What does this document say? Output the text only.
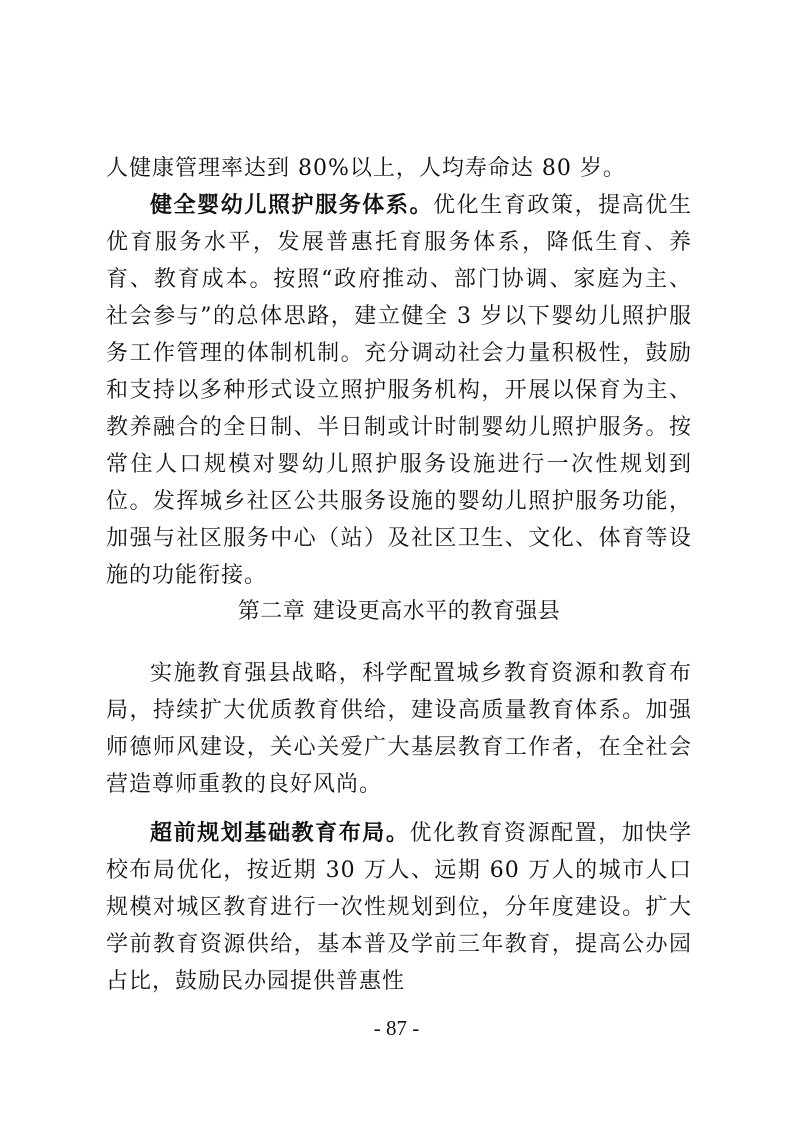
人健康管理率达到 80%以上，人均寿命达 80 岁。
健全婴幼儿照护服务体系。优化生育政策，提高优生优育服务水平，发展普惠托育服务体系，降低生育、养育、教育成本。按照“政府推动、部门协调、家庭为主、社会参与”的总体思路，建立健全 3 岁以下婴幼儿照护服务工作管理的体制机制。充分调动社会力量积极性，鼓励和支持以多种形式设立照护服务机构，开展以保育为主、教养融合的全日制、半日制或计时制婴幼儿照护服务。按常住人口规模对婴幼儿照护服务设施进行一次性规划到位。发挥城乡社区公共服务设施的婴幼儿照护服务功能，加强与社区服务中心（站）及社区卫生、文化、体育等设施的功能衔接。
第二章 建设更高水平的教育强县
实施教育强县战略，科学配置城乡教育资源和教育布局，持续扩大优质教育供给，建设高质量教育体系。加强师德师风建设，关心关爱广大基层教育工作者，在全社会营造尊师重教的良好风尚。
超前规划基础教育布局。优化教育资源配置，加快学校布局优化，按近期 30 万人、远期 60 万人的城市人口规模对城区教育进行一次性规划到位，分年度建设。扩大学前教育资源供给，基本普及学前三年教育，提高公办园占比，鼓励民办园提供普惠性
- 87 -
